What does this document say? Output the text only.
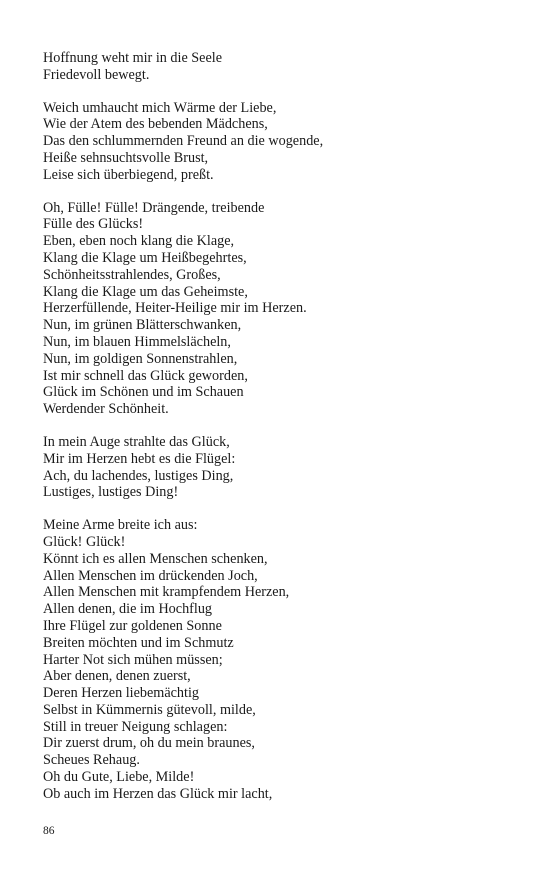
Hoffnung weht mir in die Seele
Friedevoll bewegt.
Weich umhaucht mich Wärme der Liebe,
Wie der Atem des bebenden Mädchens,
Das den schlummernden Freund an die wogende,
Heiße sehnsuchtsvolle Brust,
Leise sich überbiegend, preßt.
Oh, Fülle! Fülle! Drängende, treibende
Fülle des Glücks!
Eben, eben noch klang die Klage,
Klang die Klage um Heißbegehrtes,
Schönheitsstrahlendes, Großes,
Klang die Klage um das Geheimste,
Herzerfüllende, Heiter-Heilige mir im Herzen.
Nun, im grünen Blätterschwanken,
Nun, im blauen Himmelslächeln,
Nun, im goldigen Sonnenstrahlen,
Ist mir schnell das Glück geworden,
Glück im Schönen und im Schauen
Werdender Schönheit.
In mein Auge strahlte das Glück,
Mir im Herzen hebt es die Flügel:
Ach, du lachendes, lustiges Ding,
Lustiges, lustiges Ding!
Meine Arme breite ich aus:
Glück! Glück!
Könnt ich es allen Menschen schenken,
Allen Menschen im drückenden Joch,
Allen Menschen mit krampfendem Herzen,
Allen denen, die im Hochflug
Ihre Flügel zur goldenen Sonne
Breiten möchten und im Schmutz
Harter Not sich mühen müssen;
Aber denen, denen zuerst,
Deren Herzen liebemächtig
Selbst in Kümmernis gütevoll, milde,
Still in treuer Neigung schlagen:
Dir zuerst drum, oh du mein braunes,
Scheues Rehaug.
Oh du Gute, Liebe, Milde!
Ob auch im Herzen das Glück mir lacht,
86
